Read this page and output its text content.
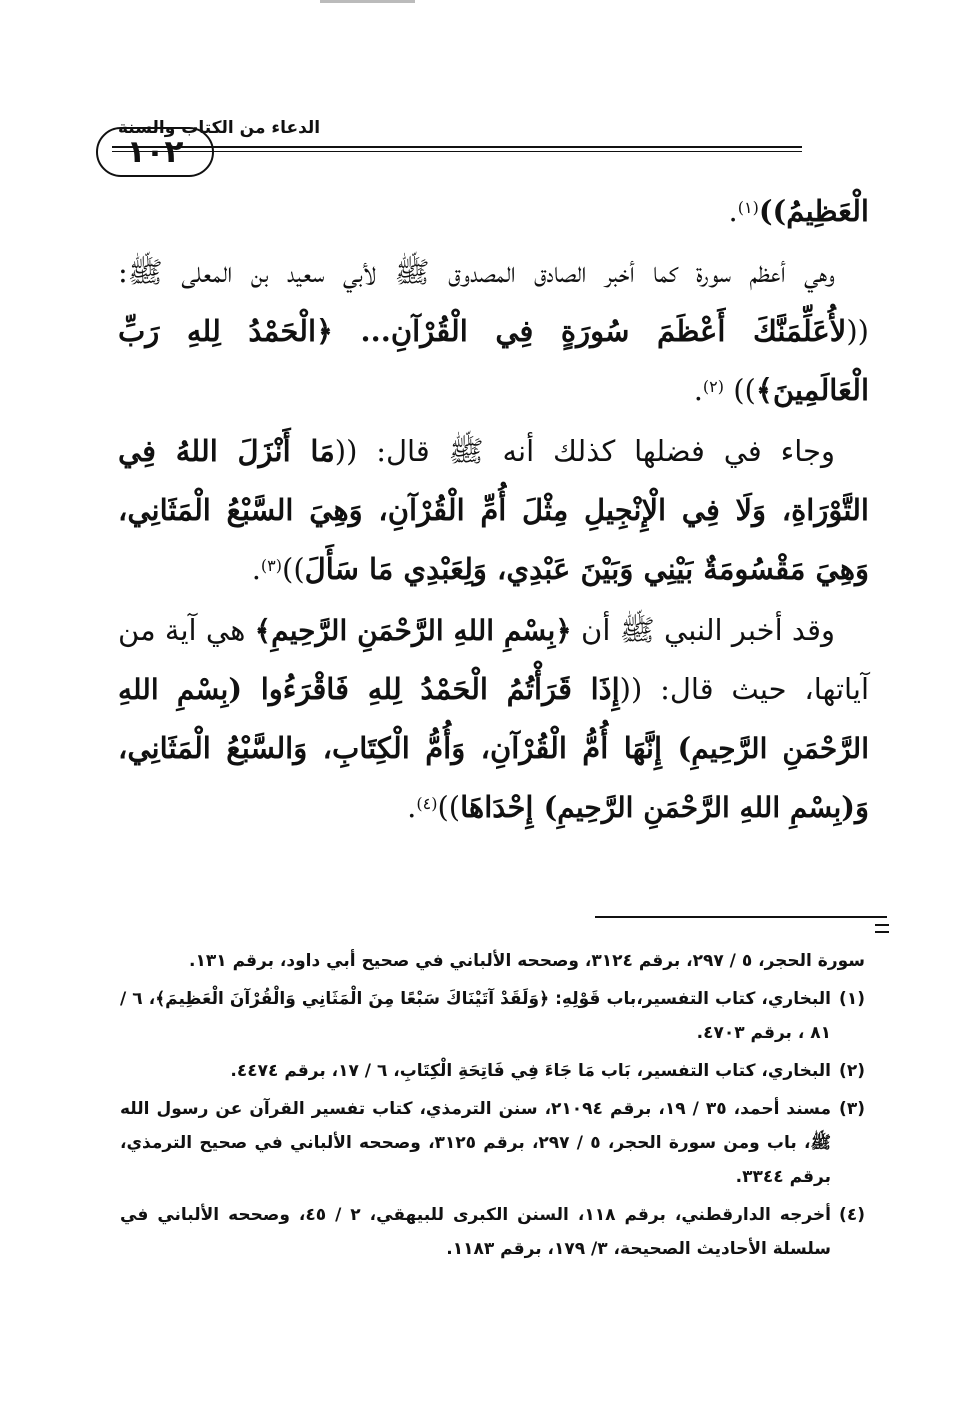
الدعاء من الكتاب والسنة

الْعَظِيمُ))$^{(١)}$.

وهي أعظم سورة كما أخبر الصادق المصدوق ﷺ لأبي سعيد بن المعلى ﷺ: ((لأُعَلِّمَنَّكَ أَعْظَمَ سُورَةٍ فِي الْقُرْآنِ... ﴿الْحَمْدُ لِلهِ رَبِّ الْعَالَمِينَ﴾)) $^{(٢)}$.

وجاء في فضلها كذلك أنه ﷺ قال: ((مَا أَنْزَلَ اللهُ فِي التَّوْرَاةِ، وَلَا فِي الْإِنْجِيلِ مِثْلَ أُمِّ الْقُرْآنِ، وَهِيَ السَّبْعُ الْمَثَانِي، وَهِيَ مَقْسُومَةٌ بَيْنِي وَبَيْنَ عَبْدِي، وَلِعَبْدِي مَا سَأَلَ))$^{(٣)}$.

وقد أخبر النبي ﷺ أن ﴿بِسْمِ اللهِ الرَّحْمَنِ الرَّحِيمِ﴾ هي آية من آياتها، حيث قال: ((إِذَا قَرَأْتُمُ الْحَمْدُ لِلهِ فَاقْرَءُوا (بِسْمِ اللهِ الرَّحْمَنِ الرَّحِيمِ) إِنَّهَا أُمُّ الْقُرْآنِ، وَأُمُّ الْكِتَابِ، وَالسَّبْعُ الْمَثَانِي، وَ(بِسْمِ اللهِ الرَّحْمَنِ الرَّحِيمِ) إِحْدَاهَا))$^{(٤)}$.

سورة الحجر، ٥ / ٢٩٧، برقم ٣١٢٤، وصححه الألباني في صحيح أبي داود، برقم ١٣١.
(١)
البخاري، كتاب التفسير،باب قَوْلِهِ: ﴿وَلَقَدْ آتَيْنَاكَ سَبْعًا مِنَ الْمَثَانِي وَالْقُرْآنَ الْعَظِيمَ﴾، ٦ / ٨١ ، برقم ٤٧٠٣.
(٢)
البخاري، كتاب التفسير، بَاب مَا جَاءَ فِي فَاتِحَةِ الْكِتَابِ، ٦ / ١٧، برقم ٤٤٧٤.
(٣)
مسند أحمد، ٣٥ / ١٩، برقم ٢١٠٩٤، سنن الترمذي، كتاب تفسير القرآن عن رسول الله ﷺ، باب ومن سورة الحجر، ٥ / ٢٩٧، برقم ٣١٢٥، وصححه الألباني في صحيح الترمذي، برقم ٣٣٤٤.
(٤)
أخرجه الدارقطني، برقم ١١٨، السنن الكبرى للبيهقي، ٢ / ٤٥، وصححه الألباني في سلسلة الأحاديث الصحيحة، ٣/ ١٧٩، برقم ١١٨٣.
